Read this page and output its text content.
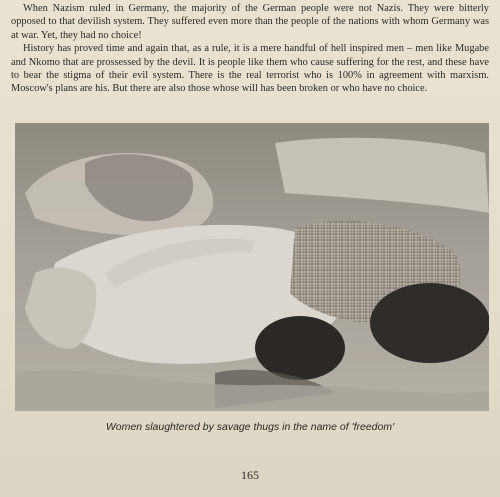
When Nazism ruled in Germany, the majority of the German people were not Nazis. They were bitterly opposed to that devilish system. They suffered even more than the people of the nations with whom Germany was at war. Yet, they had no choice!

History has proved time and again that, as a rule, it is a mere handful of hell inspired men – men like Mugabe and Nkomo that are prossessed by the devil. It is people like them who cause suffering for the rest, and these have to bear the stigma of their evil system. There is the real terrorist who is 100% in agreement with marxism. Moscow's plans are his. But there are also those whose will has been broken or who have no choice.

Women slaughtered by savage thugs in the name of 'freedom'
165
